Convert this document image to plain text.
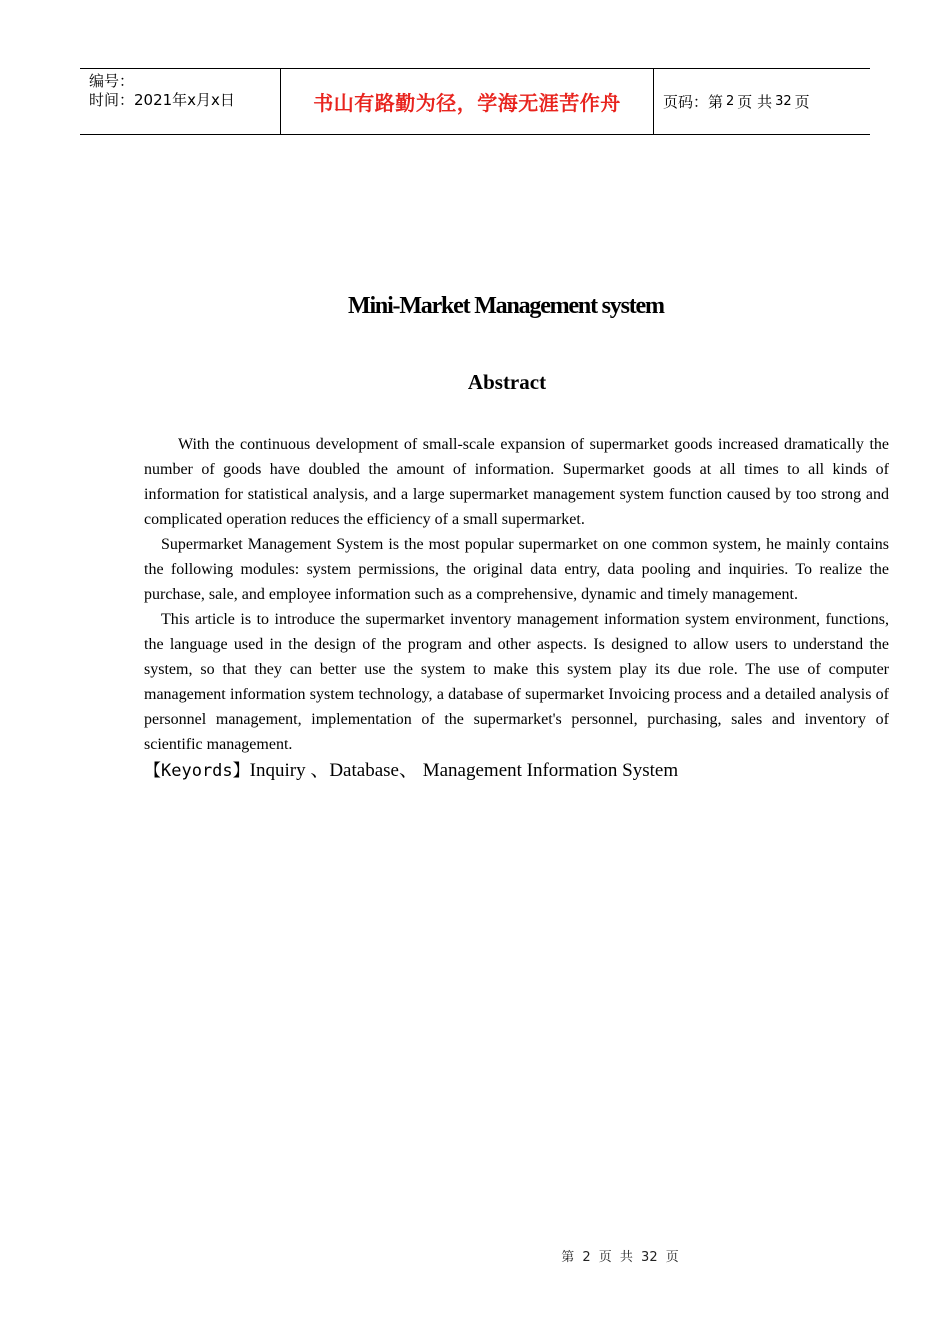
编号：
时间：2021年x月x日	书山有路勤为径，学海无涯苦作舟	页码：第 2 页 共 32 页
Mini-Market Management system
Abstract

With the continuous development of small-scale expansion of supermarket goods increased dramatically the number of goods have doubled the amount of information. Supermarket goods at all times to all kinds of information for statistical analysis, and a large supermarket management system function caused by too strong and complicated operation reduces the efficiency of a small supermarket.

Supermarket Management System is the most popular supermarket on one common system, he mainly contains the following modules: system permissions, the original data entry, data pooling and inquiries. To realize the purchase, sale, and employee information such as a comprehensive, dynamic and timely management.

This article is to introduce the supermarket inventory management information system environment, functions, the language used in the design of the program and other aspects. Is designed to allow users to understand the system, so that they can better use the system to make this system play its due role. The use of computer management information system technology, a database of supermarket Invoicing process and a detailed analysis of personnel management, implementation of the supermarket's personnel, purchasing, sales and inventory of scientific management.

【Keyords】Inquiry 、Database、 Management Information System
第 2 页 共 32 页
